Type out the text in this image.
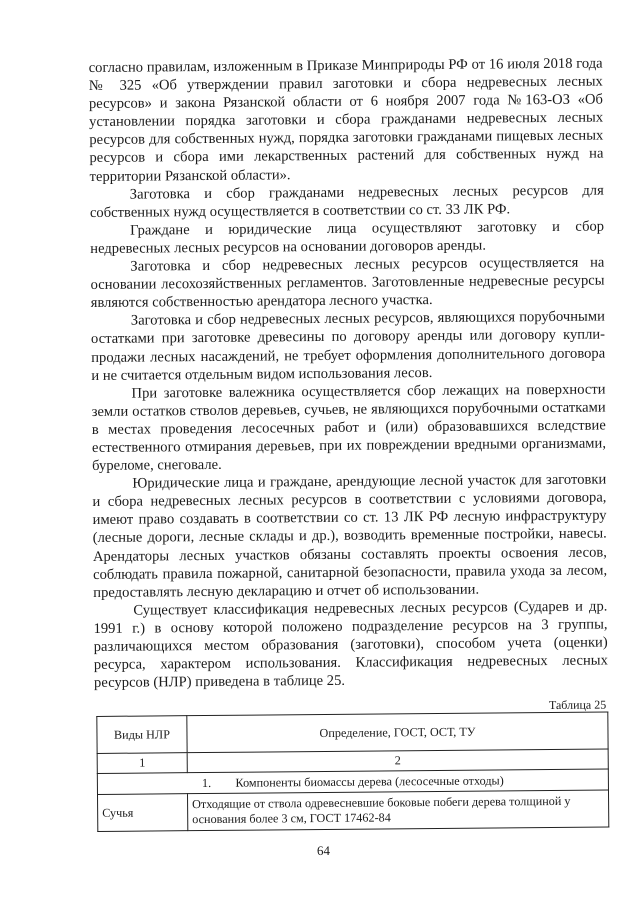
согласно правилам, изложенным в Приказе Минприроды РФ от 16 июля 2018 года № 325 «Об утверждении правил заготовки и сбора недревесных лесных ресурсов» и закона Рязанской области от 6 ноября 2007 года №163-ОЗ «Об установлении порядка заготовки и сбора гражданами недревесных лесных ресурсов для собственных нужд, порядка заготовки гражданами пищевых лесных ресурсов и сбора ими лекарственных растений для собственных нужд на территории Рязанской области».

Заготовка и сбор гражданами недревесных лесных ресурсов для собственных нужд осуществляется в соответствии со ст. 33 ЛК РФ.

Граждане и юридические лица осуществляют заготовку и сбор недревесных лесных ресурсов на основании договоров аренды.

Заготовка и сбор недревесных лесных ресурсов осуществляется на основании лесохозяйственных регламентов. Заготовленные недревесные ресурсы являются собственностью арендатора лесного участка.

Заготовка и сбор недревесных лесных ресурсов, являющихся порубочными остатками при заготовке древесины по договору аренды или договору купли-продажи лесных насаждений, не требует оформления дополнительного договора и не считается отдельным видом использования лесов.

При заготовке валежника осуществляется сбор лежащих на поверхности земли остатков стволов деревьев, сучьев, не являющихся порубочными остатками в местах проведения лесосечных работ и (или) образовавшихся вследствие естественного отмирания деревьев, при их повреждении вредными организмами, буреломе, снеговале.

Юридические лица и граждане, арендующие лесной участок для заготовки и сбора недревесных лесных ресурсов в соответствии с условиями договора, имеют право создавать в соответствии со ст. 13 ЛК РФ лесную инфраструктуру (лесные дороги, лесные склады и др.), возводить временные постройки, навесы. Арендаторы лесных участков обязаны составлять проекты освоения лесов, соблюдать правила пожарной, санитарной безопасности, правила ухода за лесом, предоставлять лесную декларацию и отчет об использовании.

Существует классификация недревесных лесных ресурсов (Сударев и др. 1991 г.) в основу которой положено подразделение ресурсов на 3 группы, различающихся местом образования (заготовки), способом учета (оценки) ресурса, характером использования. Классификация недревесных лесных ресурсов (НЛР) приведена в таблице 25.

Таблица 25
Виды НЛР	Определение, ГОСТ, ОСТ, ТУ
1	2
1. Компоненты биомассы дерева (лесосечные отходы)	
Сучья	Отходящие от ствола одревесневшие боковые побеги дерева толщиной у основания более 3 см, ГОСТ 17462-84
64
